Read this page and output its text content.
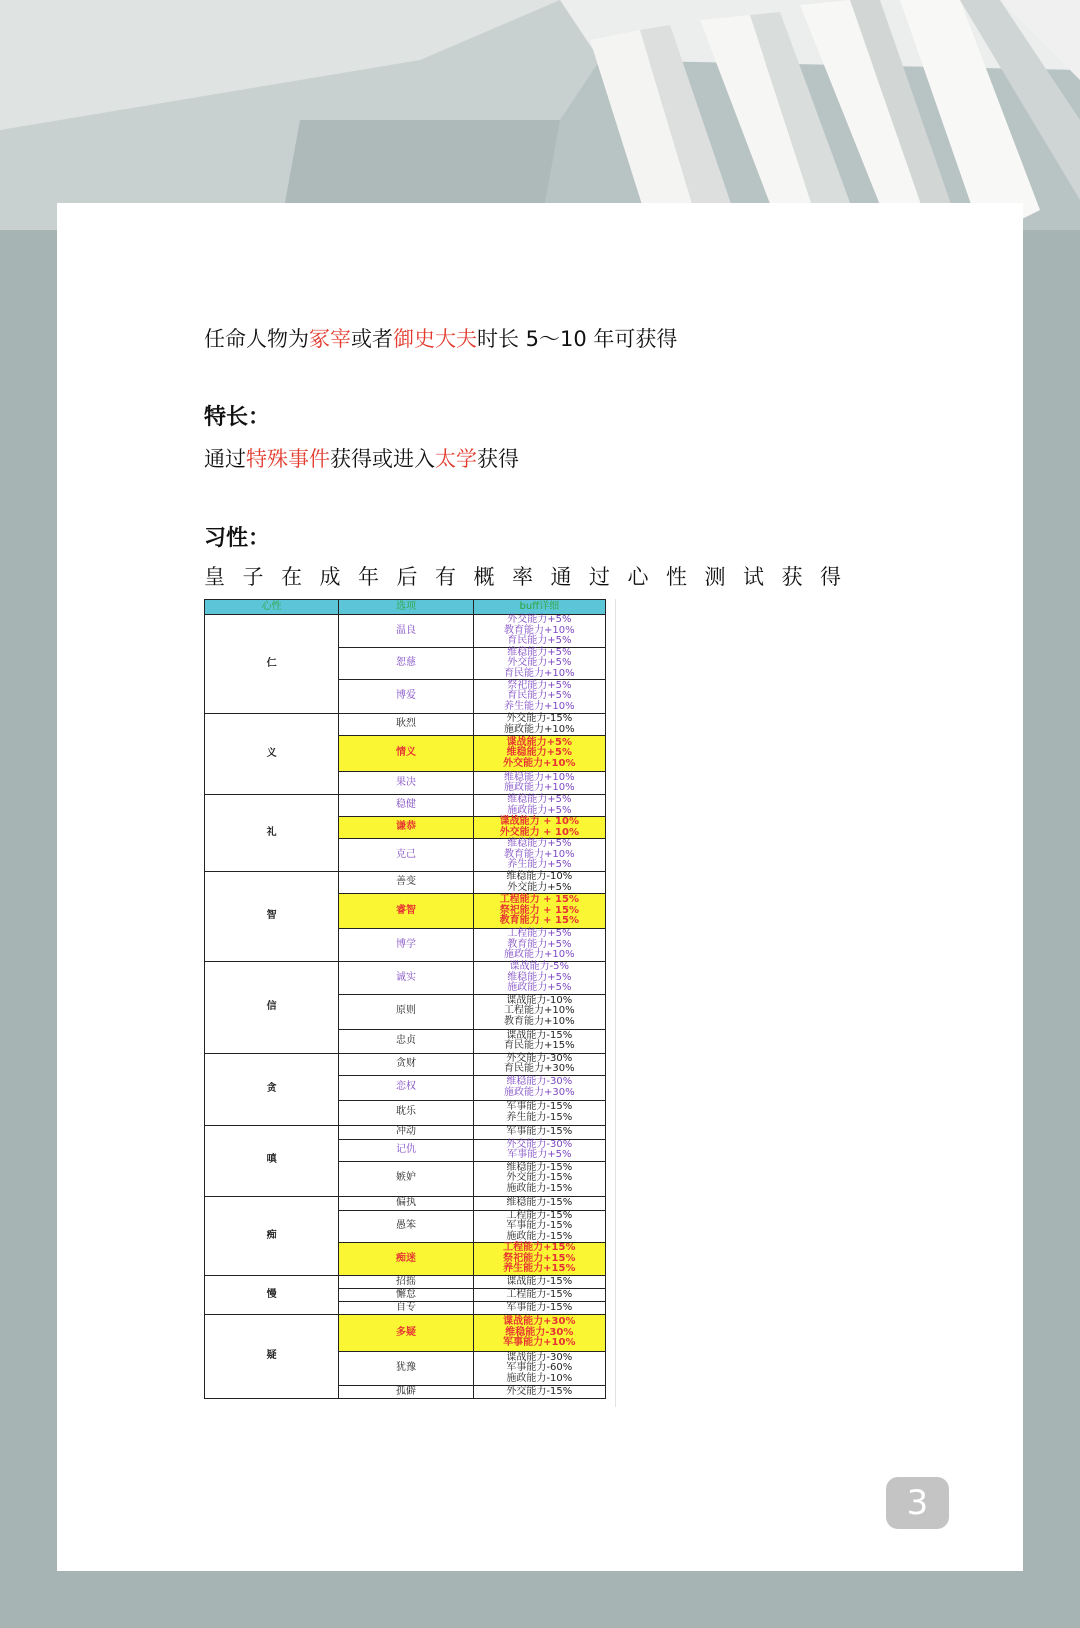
任命人物为冢宰或者御史大夫时长 5～10 年可获得
特长：
通过特殊事件获得或进入太学获得
习性：
皇子在成年后有概率通过心性测试获得
心性	选项	buff详细
仁	温良	外交能力+5%
教育能力+10%
育民能力+5%

	恕慈	维稳能力+5%
外交能力+5%
育民能力+10%

	博爱	祭祀能力+5%
育民能力+5%
养生能力+10%

义	耿烈	外交能力-15%
施政能力+10%

	情义	谍战能力+5%
维稳能力+5%
外交能力+10%

	果决	维稳能力+10%
施政能力+10%

礼	稳健	维稳能力+5%
施政能力+5%

	谦恭	谍战能力 + 10%
外交能力 + 10%

	克己	维稳能力+5%
教育能力+10%
养生能力+5%

智	善变	维稳能力-10%
外交能力+5%

	睿智	工程能力 + 15%
祭祀能力 + 15%
教育能力 + 15%

	博学	工程能力+5%
教育能力+5%
施政能力+10%

信	诚实	谍战能力-5%
维稳能力+5%
施政能力+5%

	原则	谍战能力-10%
工程能力+10%
教育能力+10%

	忠贞	谍战能力-15%
育民能力+15%

贪	贪财	外交能力-30%
育民能力+30%

	恋权	维稳能力-30%
施政能力+30%

	耽乐	军事能力-15%
养生能力-15%

嗔	冲动	军事能力-15%

	记仇	外交能力-30%
军事能力+5%

	嫉妒	维稳能力-15%
外交能力-15%
施政能力-15%

痴	偏执	维稳能力-15%

	愚笨	工程能力-15%
军事能力-15%
施政能力-15%

	痴迷	工程能力+15%
祭祀能力+15%
养生能力+15%

慢	招摇	谍战能力-15%

	懈怠	工程能力-15%

	自专	军事能力-15%

疑	多疑	谍战能力+30%
维稳能力-30%
军事能力+10%

	犹豫	谍战能力-30%
军事能力-60%
施政能力-10%

	孤僻	外交能力-15%
3
